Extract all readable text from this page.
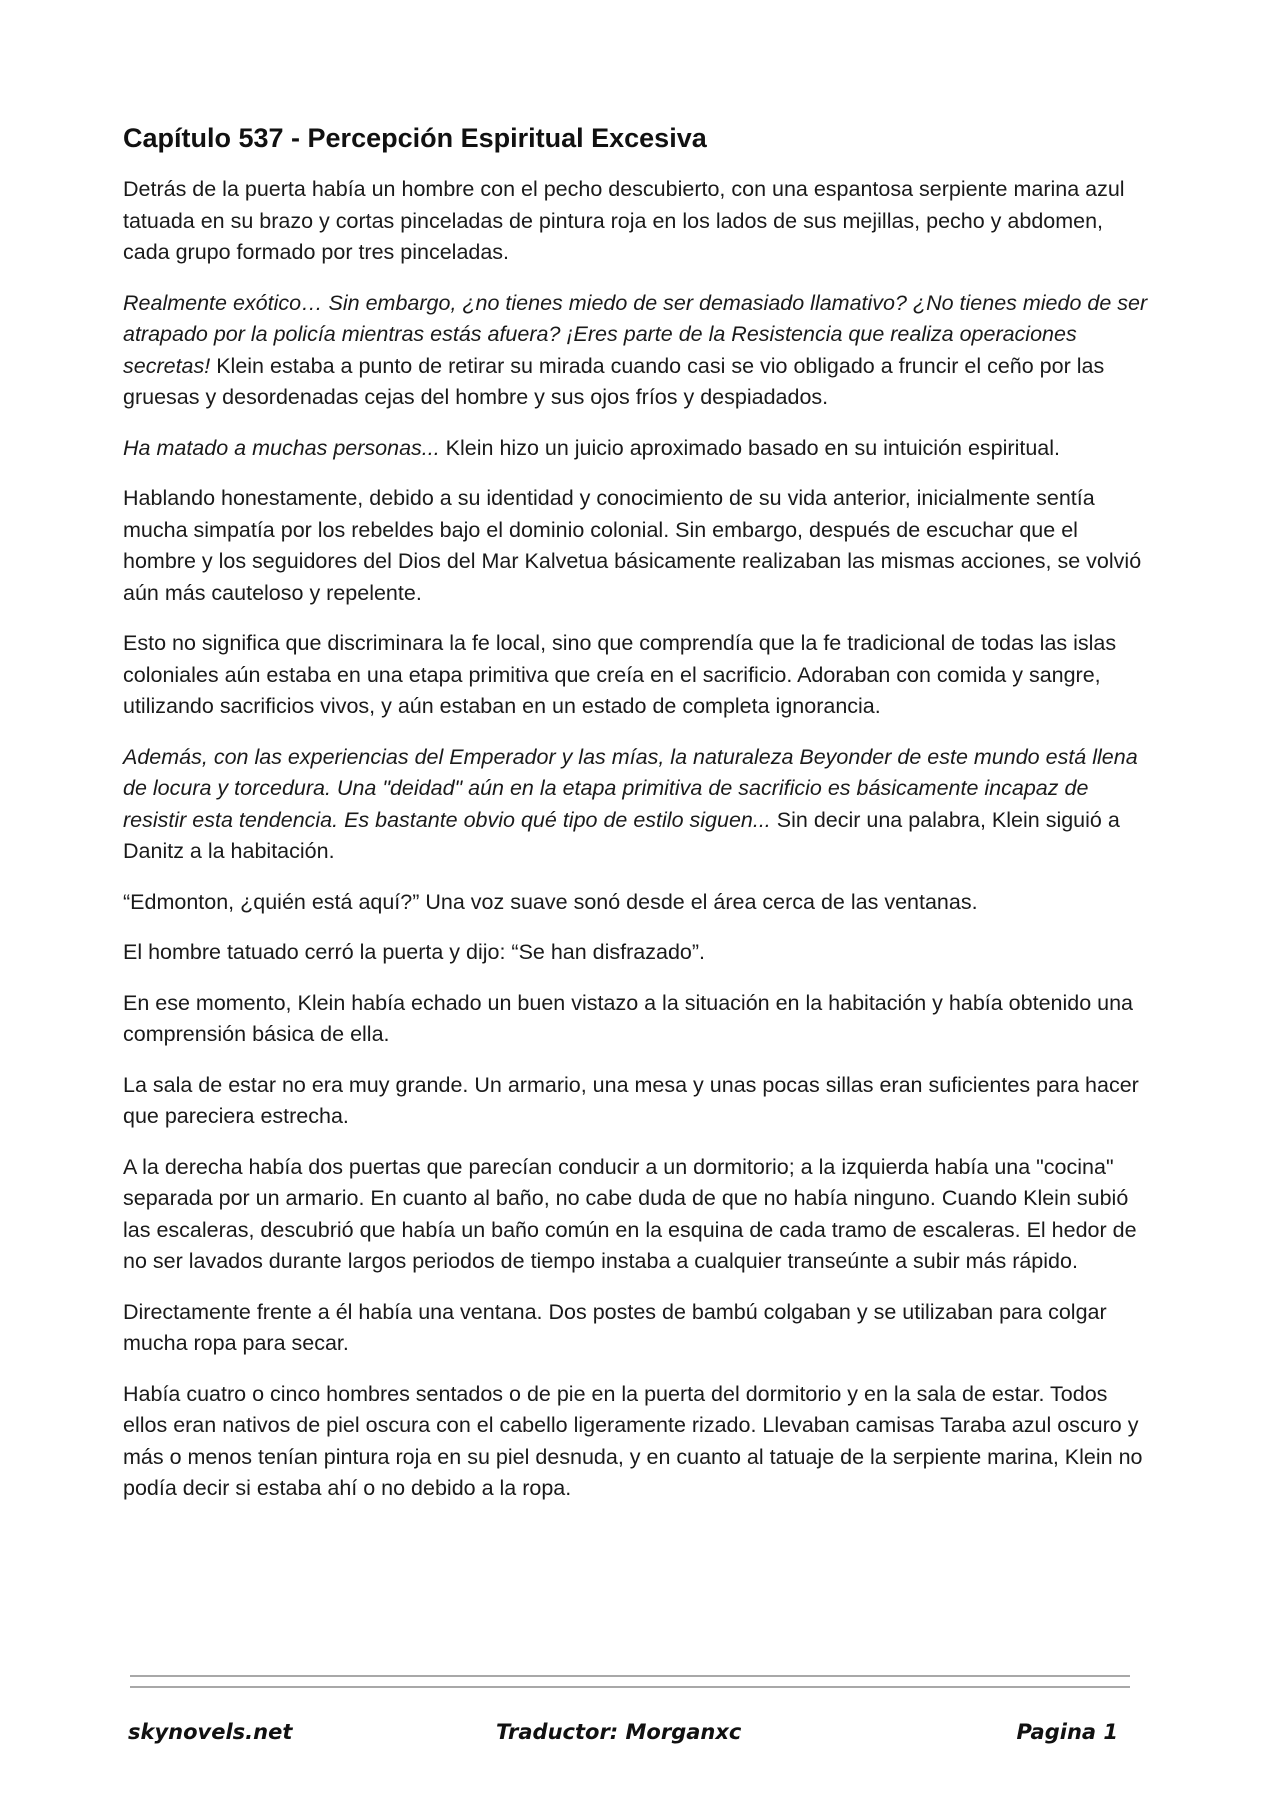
Capítulo 537 - Percepción Espiritual Excesiva

Detrás de la puerta había un hombre con el pecho descubierto, con una espantosa serpiente marina azul tatuada en su brazo y cortas pinceladas de pintura roja en los lados de sus mejillas, pecho y abdomen, cada grupo formado por tres pinceladas.

Realmente exótico… Sin embargo, ¿no tienes miedo de ser demasiado llamativo? ¿No tienes miedo de ser atrapado por la policía mientras estás afuera? ¡Eres parte de la Resistencia que realiza operaciones secretas! Klein estaba a punto de retirar su mirada cuando casi se vio obligado a fruncir el ceño por las gruesas y desordenadas cejas del hombre y sus ojos fríos y despiadados.

Ha matado a muchas personas... Klein hizo un juicio aproximado basado en su intuición espiritual.

Hablando honestamente, debido a su identidad y conocimiento de su vida anterior, inicialmente sentía mucha simpatía por los rebeldes bajo el dominio colonial. Sin embargo, después de escuchar que el hombre y los seguidores del Dios del Mar Kalvetua básicamente realizaban las mismas acciones, se volvió aún más cauteloso y repelente.

Esto no significa que discriminara la fe local, sino que comprendía que la fe tradicional de todas las islas coloniales aún estaba en una etapa primitiva que creía en el sacrificio. Adoraban con comida y sangre, utilizando sacrificios vivos, y aún estaban en un estado de completa ignorancia.

Además, con las experiencias del Emperador y las mías, la naturaleza Beyonder de este mundo está llena de locura y torcedura. Una "deidad" aún en la etapa primitiva de sacrificio es básicamente incapaz de resistir esta tendencia. Es bastante obvio qué tipo de estilo siguen... Sin decir una palabra, Klein siguió a Danitz a la habitación.

“Edmonton, ¿quién está aquí?” Una voz suave sonó desde el área cerca de las ventanas.

El hombre tatuado cerró la puerta y dijo: “Se han disfrazado”.

En ese momento, Klein había echado un buen vistazo a la situación en la habitación y había obtenido una comprensión básica de ella.

La sala de estar no era muy grande. Un armario, una mesa y unas pocas sillas eran suficientes para hacer que pareciera estrecha.

A la derecha había dos puertas que parecían conducir a un dormitorio; a la izquierda había una "cocina" separada por un armario. En cuanto al baño, no cabe duda de que no había ninguno. Cuando Klein subió las escaleras, descubrió que había un baño común en la esquina de cada tramo de escaleras. El hedor de no ser lavados durante largos periodos de tiempo instaba a cualquier transeúnte a subir más rápido.

Directamente frente a él había una ventana. Dos postes de bambú colgaban y se utilizaban para colgar mucha ropa para secar.

Había cuatro o cinco hombres sentados o de pie en la puerta del dormitorio y en la sala de estar. Todos ellos eran nativos de piel oscura con el cabello ligeramente rizado. Llevaban camisas Taraba azul oscuro y más o menos tenían pintura roja en su piel desnuda, y en cuanto al tatuaje de la serpiente marina, Klein no podía decir si estaba ahí o no debido a la ropa.

skynovels.net	Traductor: Morganxc	Pagina 1
